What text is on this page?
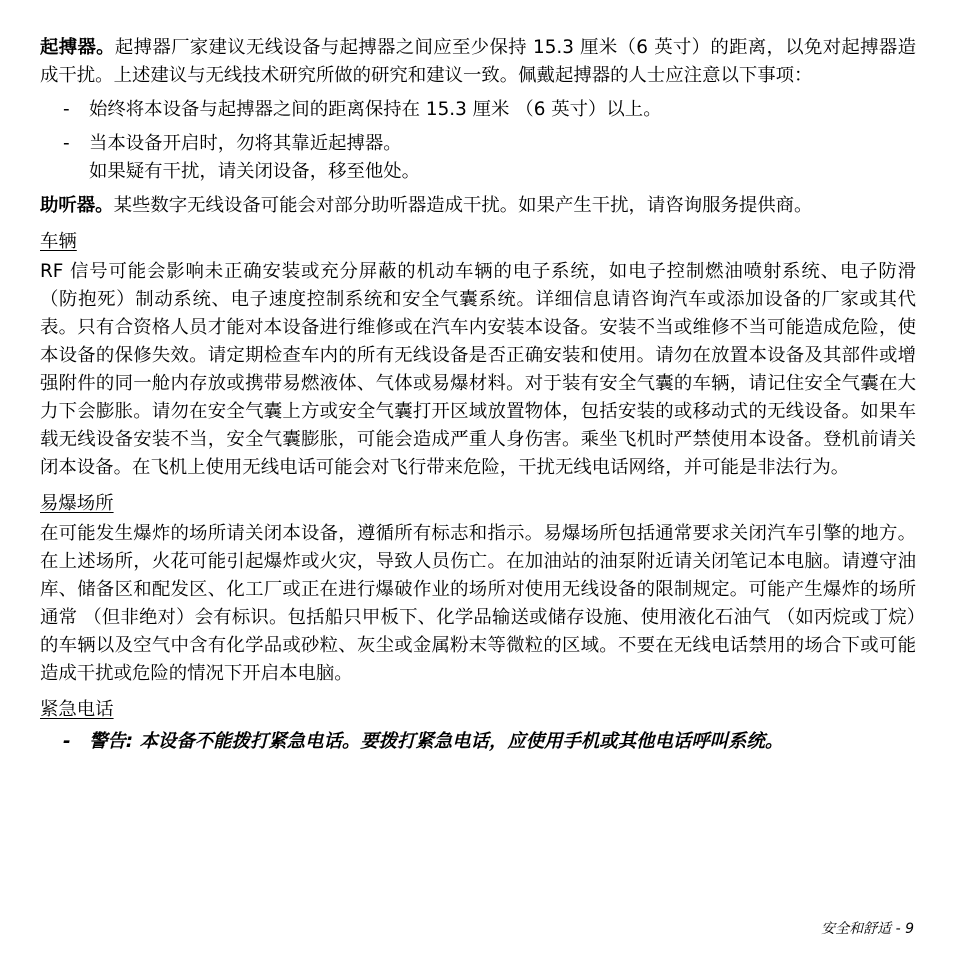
起搏器。起搏器厂家建议无线设备与起搏器之间应至少保持 15.3 厘米（6 英寸）的距离，以免对起搏器造成干扰。上述建议与无线技术研究所做的研究和建议一致。佩戴起搏器的人士应注意以下事项：

- 始终将本设备与起搏器之间的距离保持在 15.3 厘米 （6 英寸）以上。
- 当本设备开启时，勿将其靠近起搏器。
如果疑有干扰，请关闭设备，移至他处。

助听器。某些数字无线设备可能会对部分助听器造成干扰。如果产生干扰，请咨询服务提供商。

车辆

RF 信号可能会影响未正确安装或充分屏蔽的机动车辆的电子系统，如电子控制燃油喷射系统、电子防滑 （防抱死）制动系统、电子速度控制系统和安全气囊系统。详细信息请咨询汽车或添加设备的厂家或其代表。只有合资格人员才能对本设备进行维修或在汽车内安装本设备。安装不当或维修不当可能造成危险，使本设备的保修失效。请定期检查车内的所有无线设备是否正确安装和使用。请勿在放置本设备及其部件或增强附件的同一舱内存放或携带易燃液体、气体或易爆材料。对于装有安全气囊的车辆，请记住安全气囊在大力下会膨胀。请勿在安全气囊上方或安全气囊打开区域放置物体，包括安装的或移动式的无线设备。如果车载无线设备安装不当，安全气囊膨胀，可能会造成严重人身伤害。乘坐飞机时严禁使用本设备。登机前请关闭本设备。在飞机上使用无线电话可能会对飞行带来危险，干扰无线电话网络，并可能是非法行为。

易爆场所

在可能发生爆炸的场所请关闭本设备，遵循所有标志和指示。易爆场所包括通常要求关闭汽车引擎的地方。在上述场所，火花可能引起爆炸或火灾，导致人员伤亡。在加油站的油泵附近请关闭笔记本电脑。请遵守油库、储备区和配发区、化工厂或正在进行爆破作业的场所对使用无线设备的限制规定。可能产生爆炸的场所通常 （但非绝对）会有标识。包括船只甲板下、化学品输送或储存设施、使用液化石油气 （如丙烷或丁烷）的车辆以及空气中含有化学品或砂粒、灰尘或金属粉末等微粒的区域。不要在无线电话禁用的场合下或可能造成干扰或危险的情况下开启本电脑。

紧急电话

- 警告: 本设备不能拨打紧急电话。要拨打紧急电话，应使用手机或其他电话呼叫系统。

安全和舒适 - 9
